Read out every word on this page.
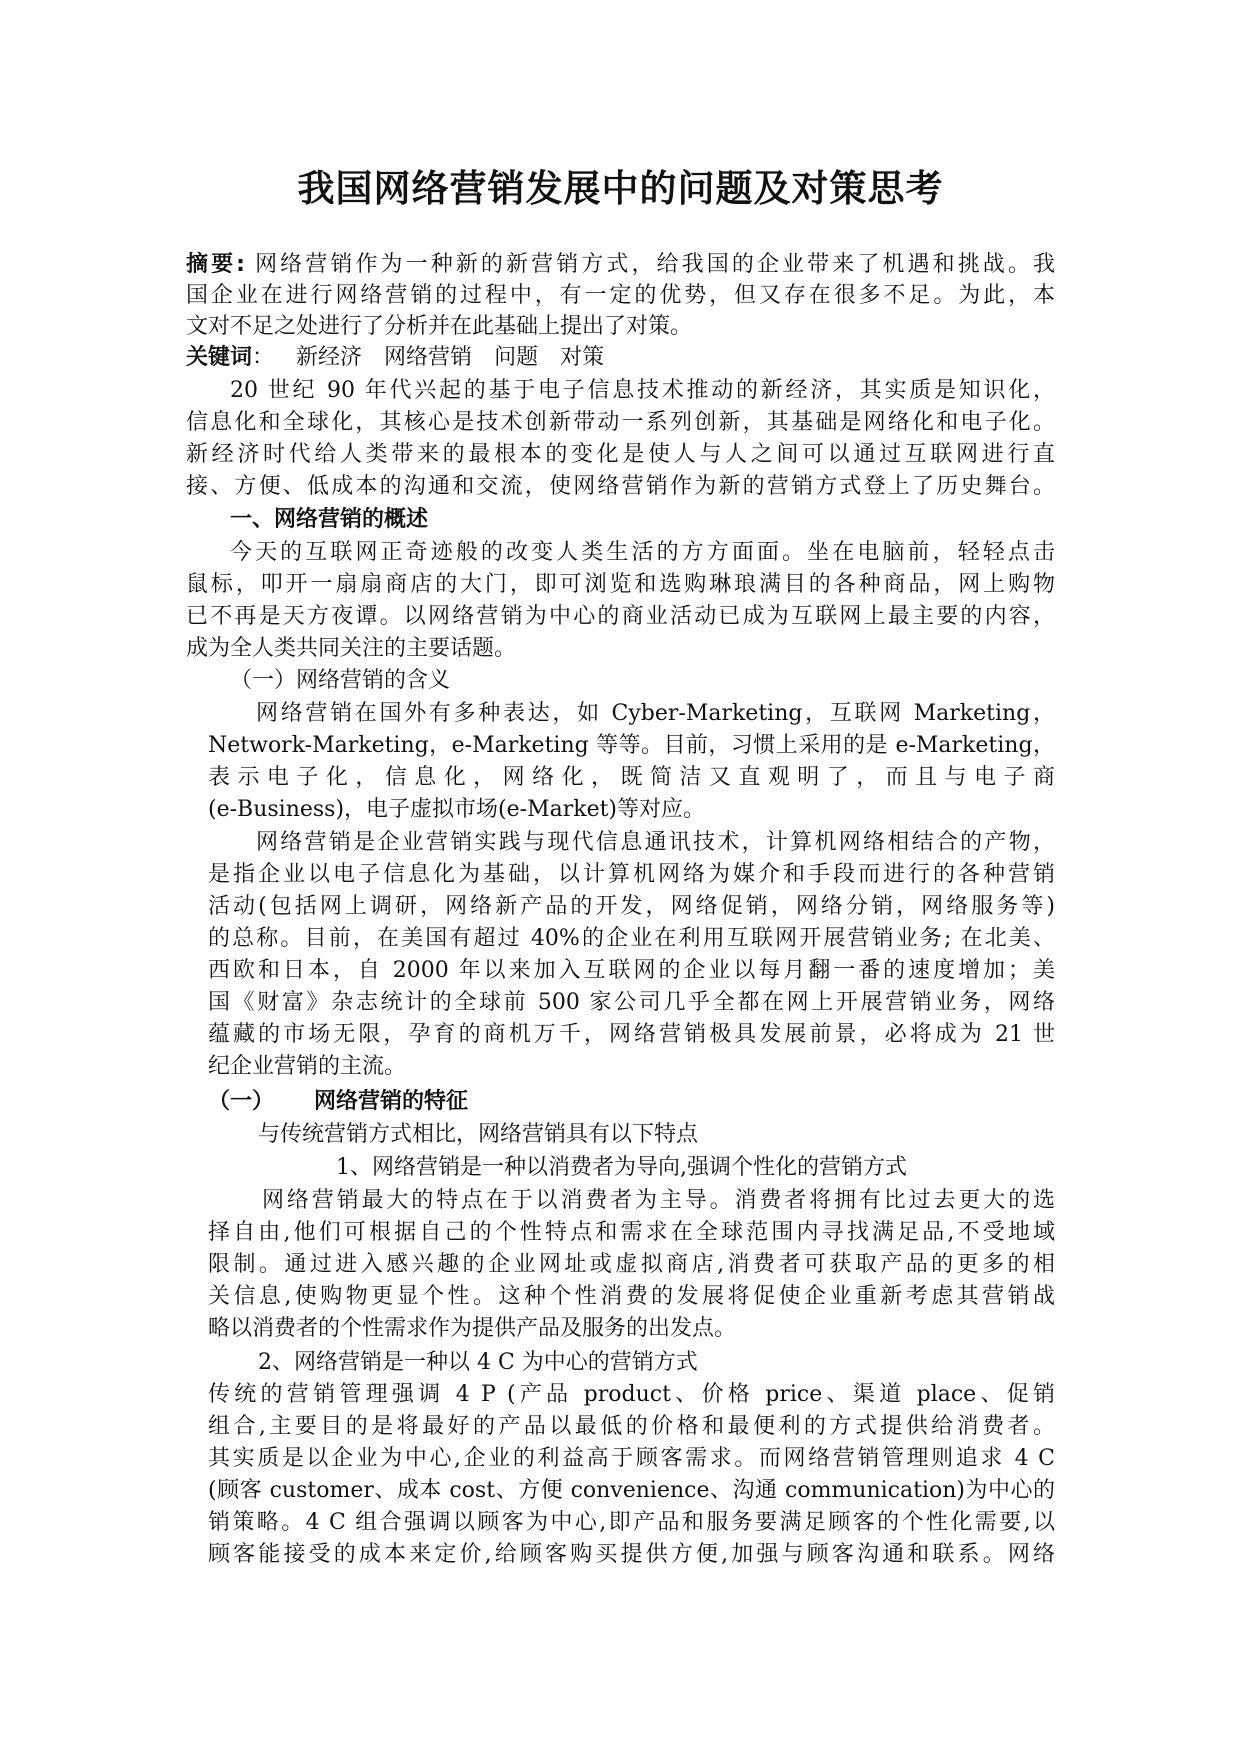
我国网络营销发展中的问题及对策思考
摘要: 网络营销作为一种新的新营销方式，给我国的企业带来了机遇和挑战。我
国企业在进行网络营销的过程中，有一定的优势，但又存在很多不足。为此，本
文对不足之处进行了分析并在此基础上提出了对策。
关键词： 新经济 网络营销 问题 对策
20 世纪 90 年代兴起的基于电子信息技术推动的新经济，其实质是知识化，
信息化和全球化，其核心是技术创新带动一系列创新，其基础是网络化和电子化。
新经济时代给人类带来的最根本的变化是使人与人之间可以通过互联网进行直
接、方便、低成本的沟通和交流，使网络营销作为新的营销方式登上了历史舞台。
一、网络营销的概述
今天的互联网正奇迹般的改变人类生活的方方面面。坐在电脑前，轻轻点击
鼠标，叩开一扇扇商店的大门，即可浏览和选购琳琅满目的各种商品，网上购物
已不再是天方夜谭。以网络营销为中心的商业活动已成为互联网上最主要的内容，
成为全人类共同关注的主要话题。
（一）网络营销的含义
网络营销在国外有多种表达，如 Cyber-Marketing，互联网 Marketing，
Network-Marketing，e-Marketing 等等。目前，习惯上采用的是 e-Marketing，
表 示 电 子 化 ， 信 息 化 ， 网 络 化 ， 既 简 洁 又 直 观 明 了 ， 而 且 与 电 子 商
(e-Business)，电子虚拟市场(e-Market)等对应。
网络营销是企业营销实践与现代信息通讯技术，计算机网络相结合的产物，
是指企业以电子信息化为基础，以计算机网络为媒介和手段而进行的各种营销
活动(包括网上调研，网络新产品的开发，网络促销，网络分销，网络服务等)
的总称。目前，在美国有超过 40%的企业在利用互联网开展营销业务; 在北美、
西欧和日本，自 2000 年以来加入互联网的企业以每月翻一番的速度增加；美
国《财富》杂志统计的全球前 500 家公司几乎全都在网上开展营销业务，网络
蕴藏的市场无限，孕育的商机万千，网络营销极具发展前景，必将成为 21 世
纪企业营销的主流。
（一） 网络营销的特征
与传统营销方式相比，网络营销具有以下特点
1、网络营销是一种以消费者为导向,强调个性化的营销方式
网络营销最大的特点在于以消费者为主导。消费者将拥有比过去更大的选
择自由,他们可根据自己的个性特点和需求在全球范围内寻找满足品,不受地域
限制。通过进入感兴趣的企业网址或虚拟商店,消费者可获取产品的更多的相
关信息,使购物更显个性。这种个性消费的发展将促使企业重新考虑其营销战
略以消费者的个性需求作为提供产品及服务的出发点。
2、网络营销是一种以 4 C 为中心的营销方式
传统的营销管理强调 4 P (产品 product、价格 price、渠道 place、促销
组合,主要目的是将最好的产品以最低的价格和最便利的方式提供给消费者。
其实质是以企业为中心,企业的利益高于顾客需求。而网络营销管理则追求 4 C
(顾客 customer、成本 cost、方便 convenience、沟通 communication)为中心的
销策略。4 C 组合强调以顾客为中心,即产品和服务要满足顾客的个性化需要,以
顾客能接受的成本来定价,给顾客购买提供方便,加强与顾客沟通和联系。网络
